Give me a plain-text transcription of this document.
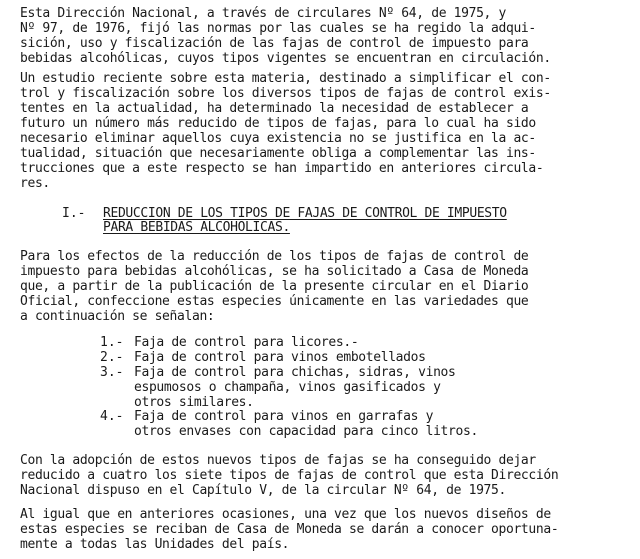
Esta Dirección Nacional, a través de circulares Nº 64, de 1975, y
Nº 97, de 1976, fijó las normas por las cuales se ha regido la adqui-
sición, uso y fiscalización de las fajas de control de impuesto para
bebidas alcohólicas, cuyos tipos vigentes se encuentran en circulación.
Un estudio reciente sobre esta materia, destinado a simplificar el con-
trol y fiscalización sobre los diversos tipos de fajas de control exis-
tentes en la actualidad, ha determinado la necesidad de establecer a
futuro un número más reducido de tipos de fajas, para lo cual ha sido
necesario eliminar aquellos cuya existencia no se justifica en la ac-
tualidad, situación que necesariamente obliga a complementar las ins-
trucciones que a este respecto se han impartido en anteriores circula-
res.
I.- REDUCCION DE LOS TIPOS DE FAJAS DE CONTROL DE IMPUESTO
PARA BEBIDAS ALCOHOLICAS.
Para los efectos de la reducción de los tipos de fajas de control de
impuesto para bebidas alcohólicas, se ha solicitado a Casa de Moneda
que, a partir de la publicación de la presente circular en el Diario
Oficial, confeccione estas especies únicamente en las variedades que
a continuación se señalan:
1.- Faja de control para licores.-
2.- Faja de control para vinos embotellados
3.- Faja de control para chichas, sidras, vinos
espumosos o champaña, vinos gasificados y
otros similares.
4.- Faja de control para vinos en garrafas y
otros envases con capacidad para cinco litros.
Con la adopción de estos nuevos tipos de fajas se ha conseguido dejar
reducido a cuatro los siete tipos de fajas de control que esta Dirección
Nacional dispuso en el Capítulo V, de la circular Nº 64, de 1975.
Al igual que en anteriores ocasiones, una vez que los nuevos diseños de
estas especies se reciban de Casa de Moneda se darán a conocer oportuna-
mente a todas las Unidades del país.
